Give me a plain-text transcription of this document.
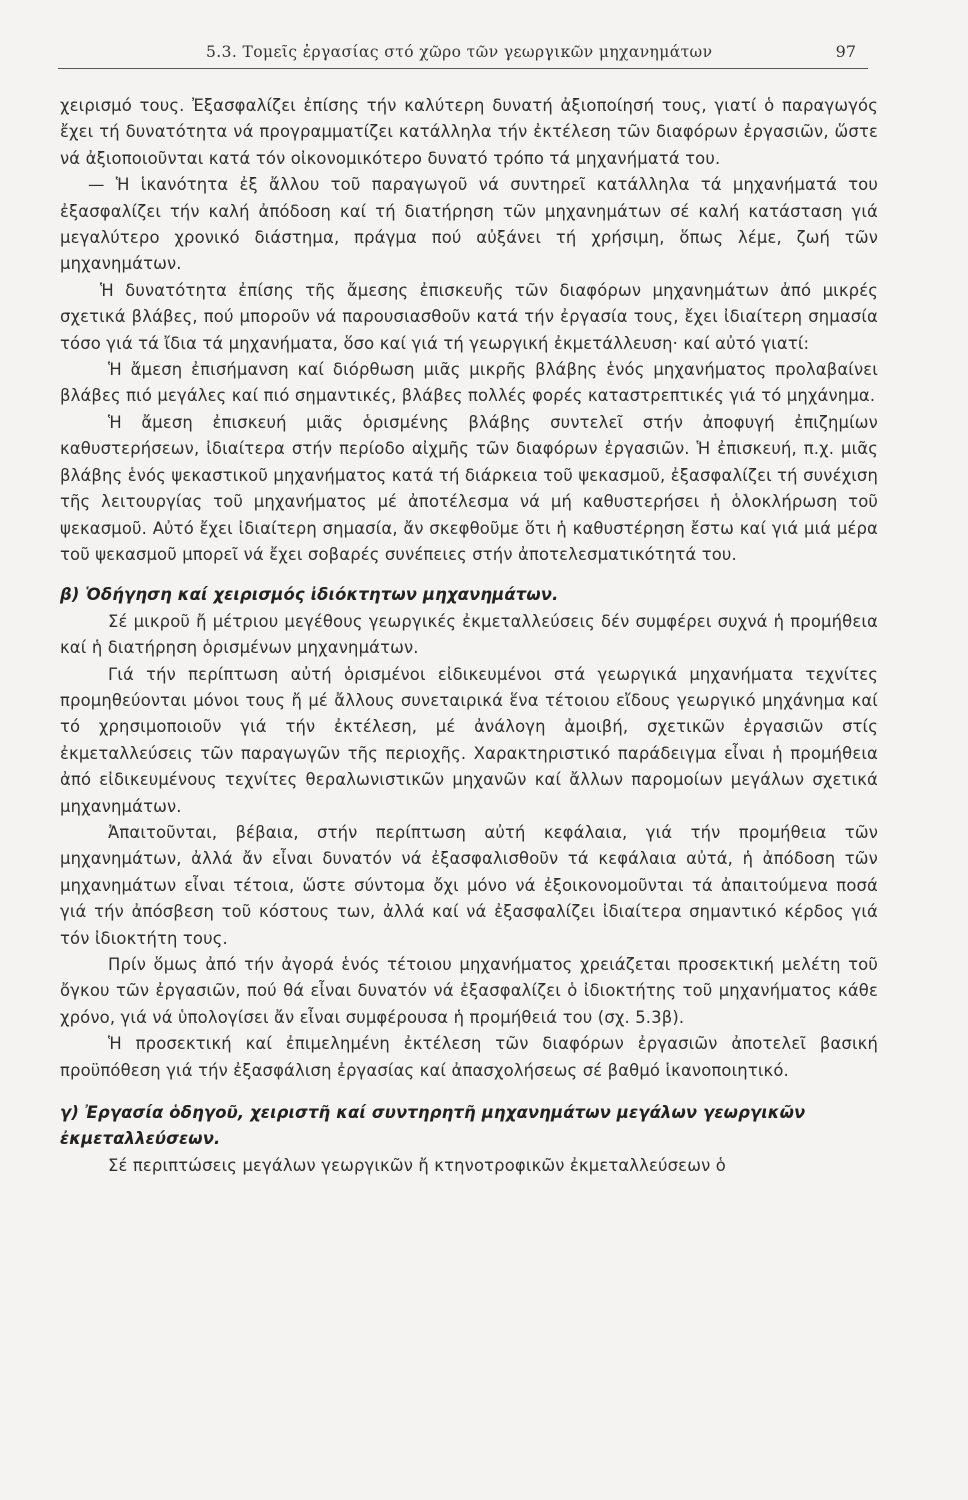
5.3. Τομεῖς ἐργασίας στό χῶρο τῶν γεωργικῶν μηχανημάτων	97

χειρισμό τους. Ἐξασφαλίζει ἐπίσης τήν καλύτερη δυνατή ἀξιοποίησή τους, γιατί ὁ παραγωγός ἔχει τή δυνατότητα νά προγραμματίζει κατάλληλα τήν ἐκτέλεση τῶν διαφόρων ἐργασιῶν, ὥστε νά ἀξιοποιοῦνται κατά τόν οἰκονομικότερο δυνατό τρόπο τά μηχανήματά του.

— Ἡ ἱκανότητα ἐξ ἄλλου τοῦ παραγωγοῦ νά συντηρεῖ κατάλληλα τά μηχανήματά του ἐξασφαλίζει τήν καλή ἀπόδοση καί τή διατήρηση τῶν μηχανημάτων σέ καλή κατάσταση γιά μεγαλύτερο χρονικό διάστημα, πράγμα πού αὐξάνει τή χρήσιμη, ὅπως λέμε, ζωή τῶν μηχανημάτων.

Ἡ δυνατότητα ἐπίσης τῆς ἄμεσης ἐπισκευῆς τῶν διαφόρων μηχανημάτων ἀπό μικρές σχετικά βλάβες, πού μποροῦν νά παρουσιασθοῦν κατά τήν ἐργασία τους, ἔχει ἰδιαίτερη σημασία τόσο γιά τά ἴδια τά μηχανήματα, ὅσο καί γιά τή γεωργική ἐκμετάλλευση· καί αὐτό γιατί:

Ἡ ἄμεση ἐπισήμανση καί διόρθωση μιᾶς μικρῆς βλάβης ἑνός μηχανήματος προλαβαίνει βλάβες πιό μεγάλες καί πιό σημαντικές, βλάβες πολλές φορές καταστρεπτικές γιά τό μηχάνημα.

Ἡ ἄμεση ἐπισκευή μιᾶς ὁρισμένης βλάβης συντελεῖ στήν ἀποφυγή ἐπιζημίων καθυστερήσεων, ἰδιαίτερα στήν περίοδο αἰχμῆς τῶν διαφόρων ἐργασιῶν. Ἡ ἐπισκευή, π.χ. μιᾶς βλάβης ἑνός ψεκαστικοῦ μηχανήματος κατά τή διάρκεια τοῦ ψεκασμοῦ, ἐξασφαλίζει τή συνέχιση τῆς λειτουργίας τοῦ μηχανήματος μέ ἀποτέλεσμα νά μή καθυστερήσει ἡ ὁλοκλήρωση τοῦ ψεκασμοῦ. Αὐτό ἔχει ἰδιαίτερη σημασία, ἄν σκεφθοῦμε ὅτι ἡ καθυστέρηση ἔστω καί γιά μιά μέρα τοῦ ψεκασμοῦ μπορεῖ νά ἔχει σοβαρές συνέπειες στήν ἀποτελεσματικότητά του.

β) Ὁδήγηση καί χειρισμός ἰδιόκτητων μηχανημάτων.

Σέ μικροῦ ἤ μέτριου μεγέθους γεωργικές ἐκμεταλλεύσεις δέν συμφέρει συχνά ἡ προμήθεια καί ἡ διατήρηση ὁρισμένων μηχανημάτων.

Γιά τήν περίπτωση αὐτή ὁρισμένοι εἰδικευμένοι στά γεωργικά μηχανήματα τεχνίτες προμηθεύονται μόνοι τους ἤ μέ ἄλλους συνεταιρικά ἕνα τέτοιου εἴδους γεωργικό μηχάνημα καί τό χρησιμοποιοῦν γιά τήν ἐκτέλεση, μέ ἀνάλογη ἀμοιβή, σχετικῶν ἐργασιῶν στίς ἐκμεταλλεύσεις τῶν παραγωγῶν τῆς περιοχῆς. Χαρακτηριστικό παράδειγμα εἶναι ἡ προμήθεια ἀπό εἰδικευμένους τεχνίτες θεραλωνιστικῶν μηχανῶν καί ἄλλων παρομοίων μεγάλων σχετικά μηχανημάτων.

Ἀπαιτοῦνται, βέβαια, στήν περίπτωση αὐτή κεφάλαια, γιά τήν προμήθεια τῶν μηχανημάτων, ἀλλά ἄν εἶναι δυνατόν νά ἐξασφαλισθοῦν τά κεφάλαια αὐτά, ἡ ἀπόδοση τῶν μηχανημάτων εἶναι τέτοια, ὥστε σύντομα ὄχι μόνο νά ἐξοικονομοῦνται τά ἀπαιτούμενα ποσά γιά τήν ἀπόσβεση τοῦ κόστους των, ἀλλά καί νά ἐξασφαλίζει ἰδιαίτερα σημαντικό κέρδος γιά τόν ἰδιοκτήτη τους.

Πρίν ὅμως ἀπό τήν ἀγορά ἑνός τέτοιου μηχανήματος χρειάζεται προσεκτική μελέτη τοῦ ὄγκου τῶν ἐργασιῶν, πού θά εἶναι δυνατόν νά ἐξασφαλίζει ὁ ἰδιοκτήτης τοῦ μηχανήματος κάθε χρόνο, γιά νά ὑπολογίσει ἄν εἶναι συμφέρουσα ἡ προμήθειά του (σχ. 5.3β).

Ἡ προσεκτική καί ἐπιμελημένη ἐκτέλεση τῶν διαφόρων ἐργασιῶν ἀποτελεῖ βασική προϋπόθεση γιά τήν ἐξασφάλιση ἐργασίας καί ἀπασχολήσεως σέ βαθμό ἱκανοποιητικό.

γ) Ἐργασία ὁδηγοῦ, χειριστῆ καί συντηρητῆ μηχανημάτων μεγάλων γεωργικῶν ἐκμεταλλεύσεων.

Σέ περιπτώσεις μεγάλων γεωργικῶν ἤ κτηνοτροφικῶν ἐκμεταλλεύσεων ὁ
